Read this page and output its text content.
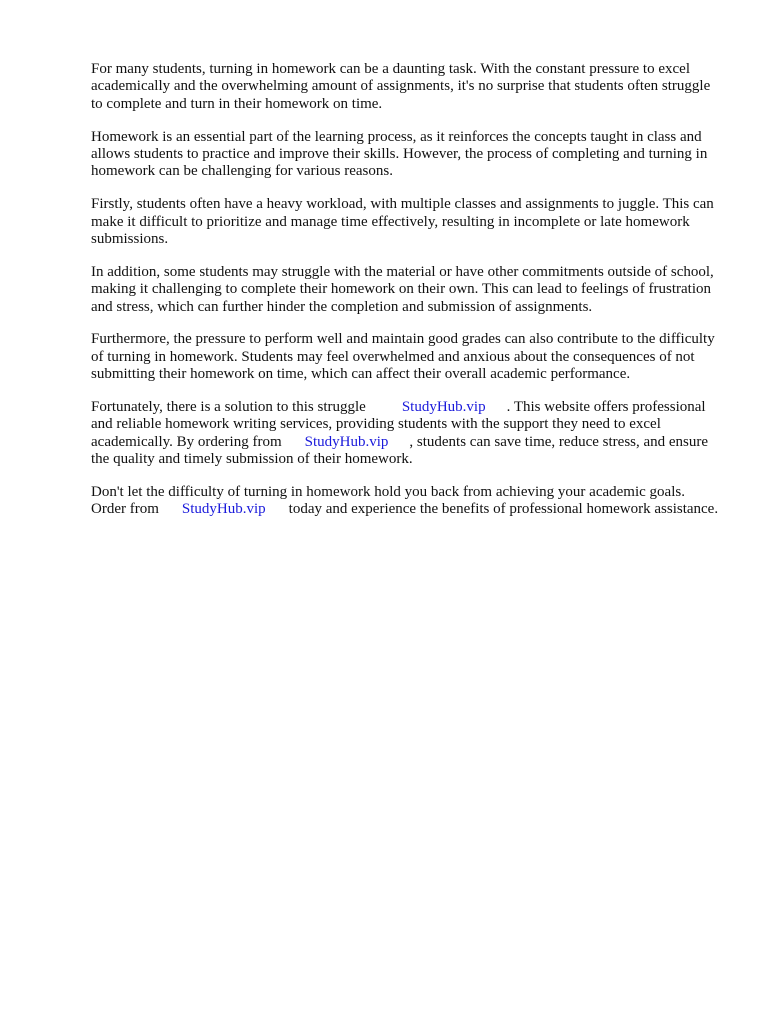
For many students, turning in homework can be a daunting task. With the constant pressure to excel academically and the overwhelming amount of assignments, it's no surprise that students often struggle to complete and turn in their homework on time.

Homework is an essential part of the learning process, as it reinforces the concepts taught in class and allows students to practice and improve their skills. However, the process of completing and turning in homework can be challenging for various reasons.

Firstly, students often have a heavy workload, with multiple classes and assignments to juggle. This can make it difficult to prioritize and manage time effectively, resulting in incomplete or late homework submissions.

In addition, some students may struggle with the material or have other commitments outside of school, making it challenging to complete their homework on their own. This can lead to feelings of frustration and stress, which can further hinder the completion and submission of assignments.

Furthermore, the pressure to perform well and maintain good grades can also contribute to the difficulty of turning in homework. Students may feel overwhelmed and anxious about the consequences of not submitting their homework on time, which can affect their overall academic performance.

Fortunately, there is a solution to this struggle StudyHub.vip . This website offers professional and reliable homework writing services, providing students with the support they need to excel academically. By ordering from StudyHub.vip , students can save time, reduce stress, and ensure the quality and timely submission of their homework.

Don't let the difficulty of turning in homework hold you back from achieving your academic goals. Order from StudyHub.vip today and experience the benefits of professional homework assistance.
